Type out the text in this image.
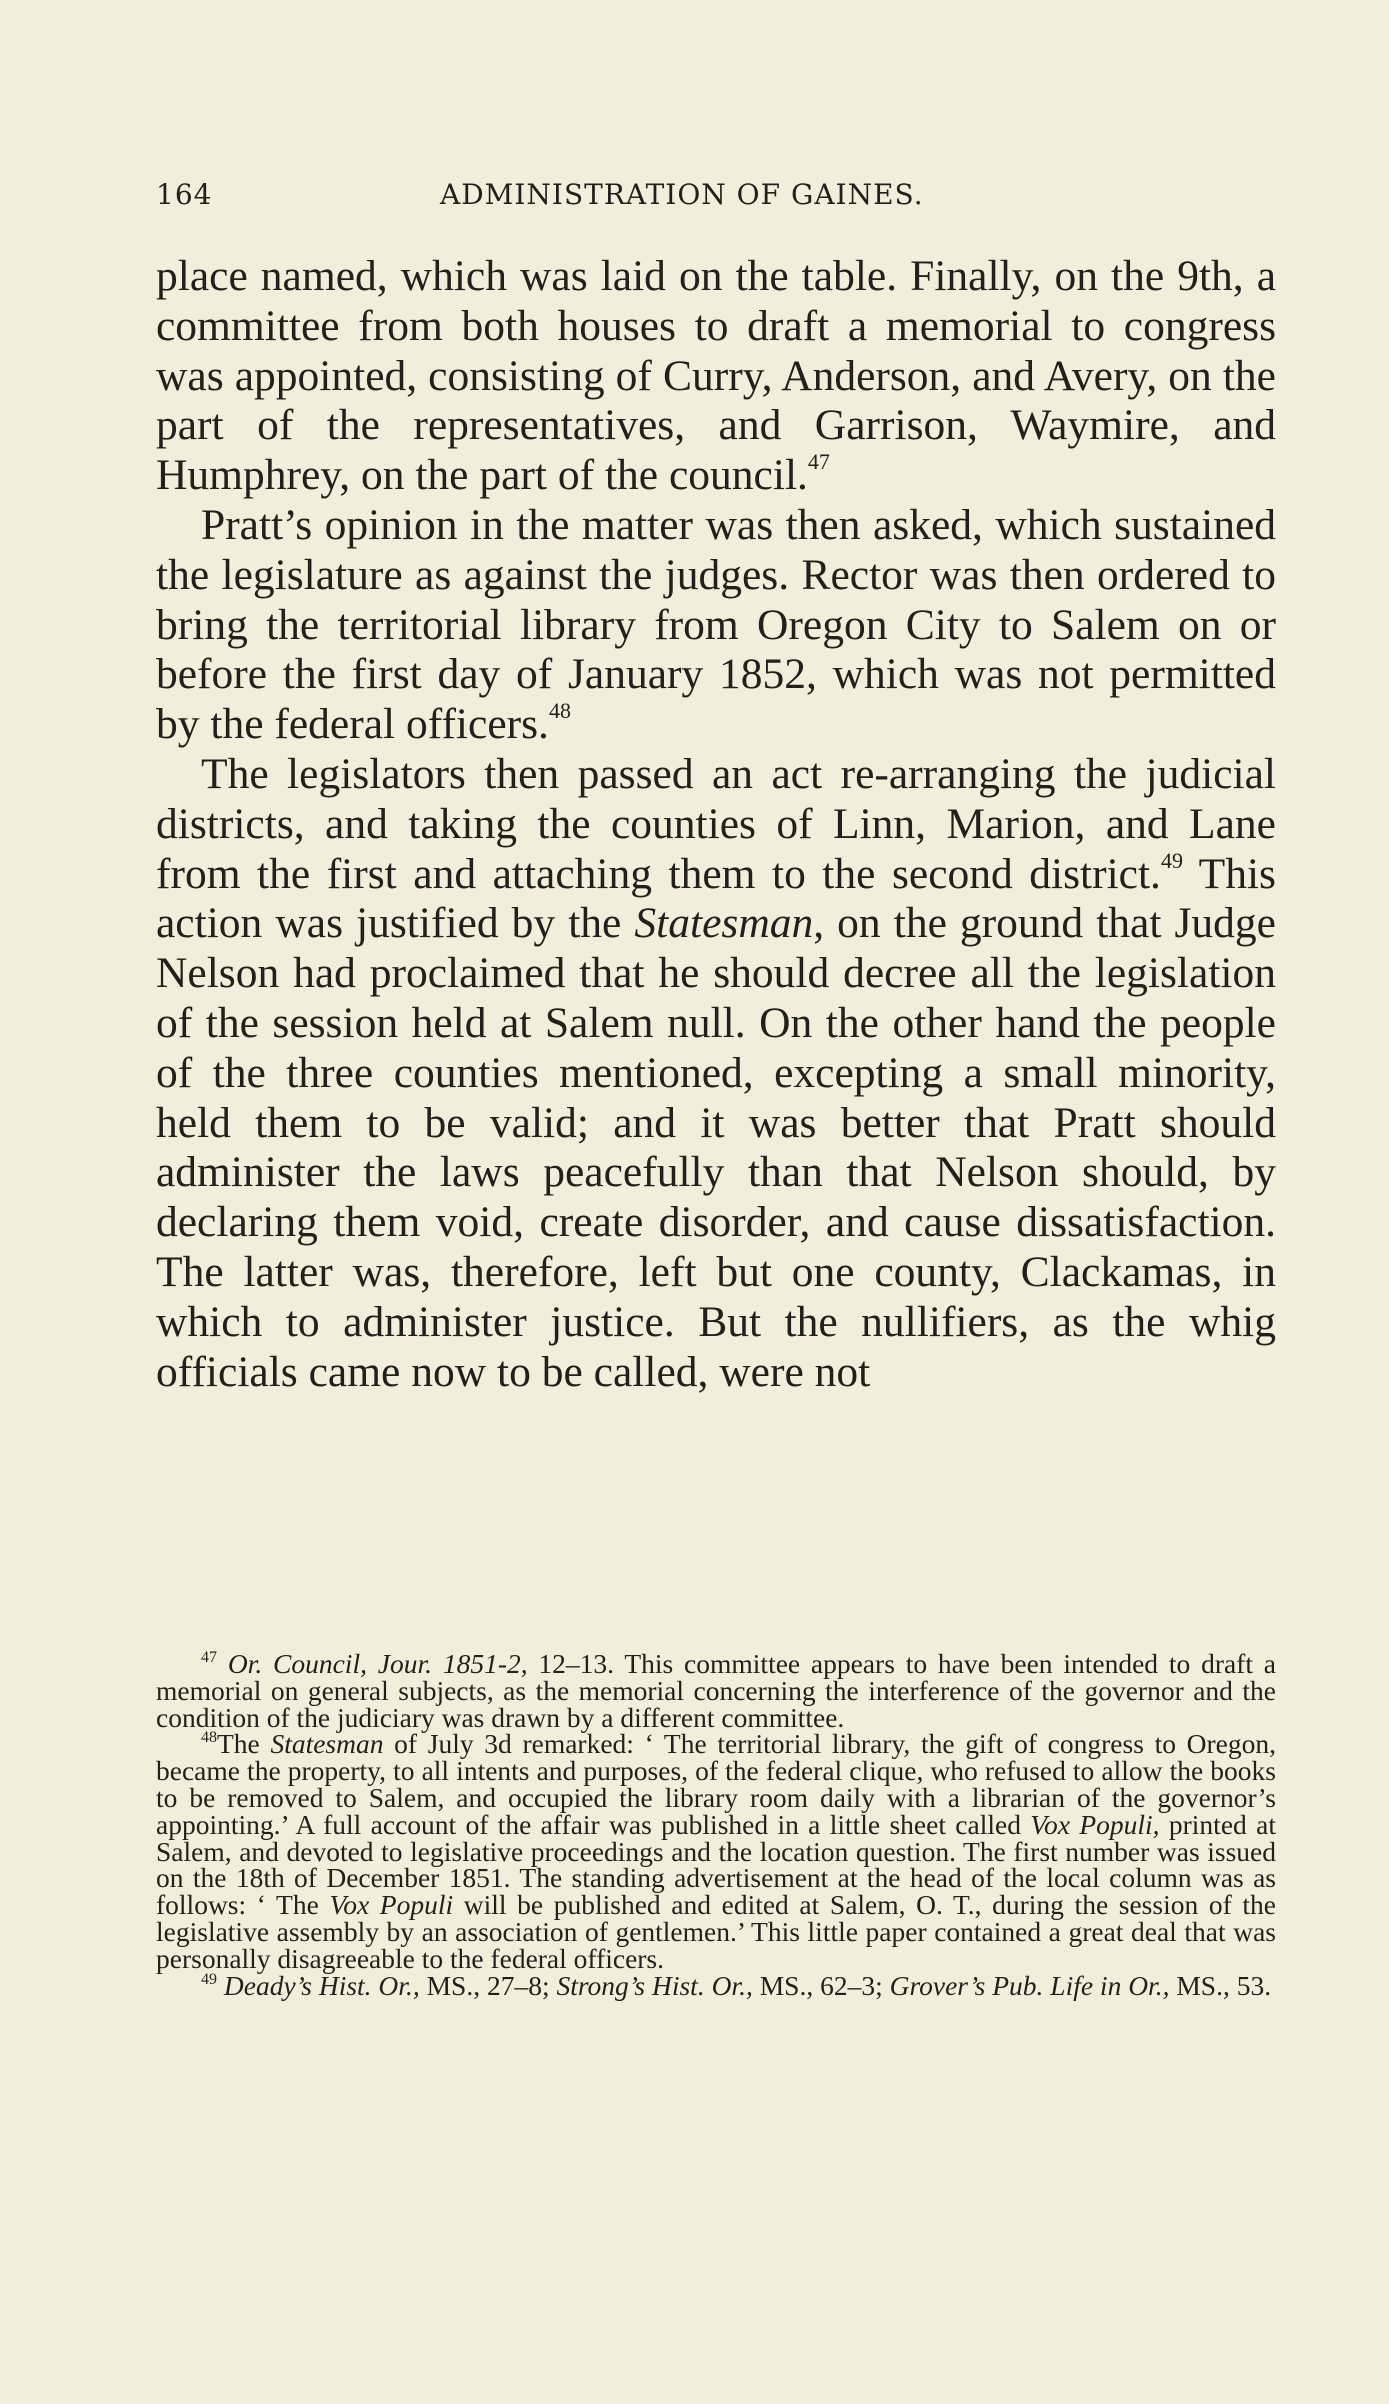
164	ADMINISTRATION OF GAINES.

place named, which was laid on the table. Finally, on the 9th, a committee from both houses to draft a memorial to congress was appointed, consisting of Curry, Anderson, and Avery, on the part of the representatives, and Garrison, Waymire, and Humphrey, on the part of the council.$^{47}$

Pratt’s opinion in the matter was then asked, which sustained the legislature as against the judges. Rector was then ordered to bring the territorial library from Oregon City to Salem on or before the first day of January 1852, which was not permitted by the federal officers.$^{48}$

The legislators then passed an act re-arranging the judicial districts, and taking the counties of Linn, Marion, and Lane from the first and attaching them to the second district.$^{49}$ This action was justified by the Statesman, on the ground that Judge Nelson had proclaimed that he should decree all the legislation of the session held at Salem null. On the other hand the people of the three counties mentioned, excepting a small minority, held them to be valid; and it was better that Pratt should administer the laws peacefully than that Nelson should, by declaring them void, create disorder, and cause dissatisfaction. The latter was, therefore, left but one county, Clackamas, in which to administer justice. But the nullifiers, as the whig officials came now to be called, were not

$^{47}$ Or. Council, Jour. 1851-2, 12–13. This committee appears to have been intended to draft a memorial on general subjects, as the memorial concerning the interference of the governor and the condition of the judiciary was drawn by a different committee.

$^{48}$The Statesman of July 3d remarked: ‘ The territorial library, the gift of congress to Oregon, became the property, to all intents and purposes, of the federal clique, who refused to allow the books to be removed to Salem, and occupied the library room daily with a librarian of the governor’s appointing.’ A full account of the affair was published in a little sheet called Vox Populi, printed at Salem, and devoted to legislative proceedings and the location question. The first number was issued on the 18th of December 1851. The standing advertisement at the head of the local column was as follows: ‘ The Vox Populi will be published and edited at Salem, O. T., during the session of the legislative assembly by an association of gentlemen.’ This little paper contained a great deal that was personally disagreeable to the federal officers.

$^{49}$ Deady’s Hist. Or., MS., 27–8; Strong’s Hist. Or., MS., 62–3; Grover’s Pub. Life in Or., MS., 53.
